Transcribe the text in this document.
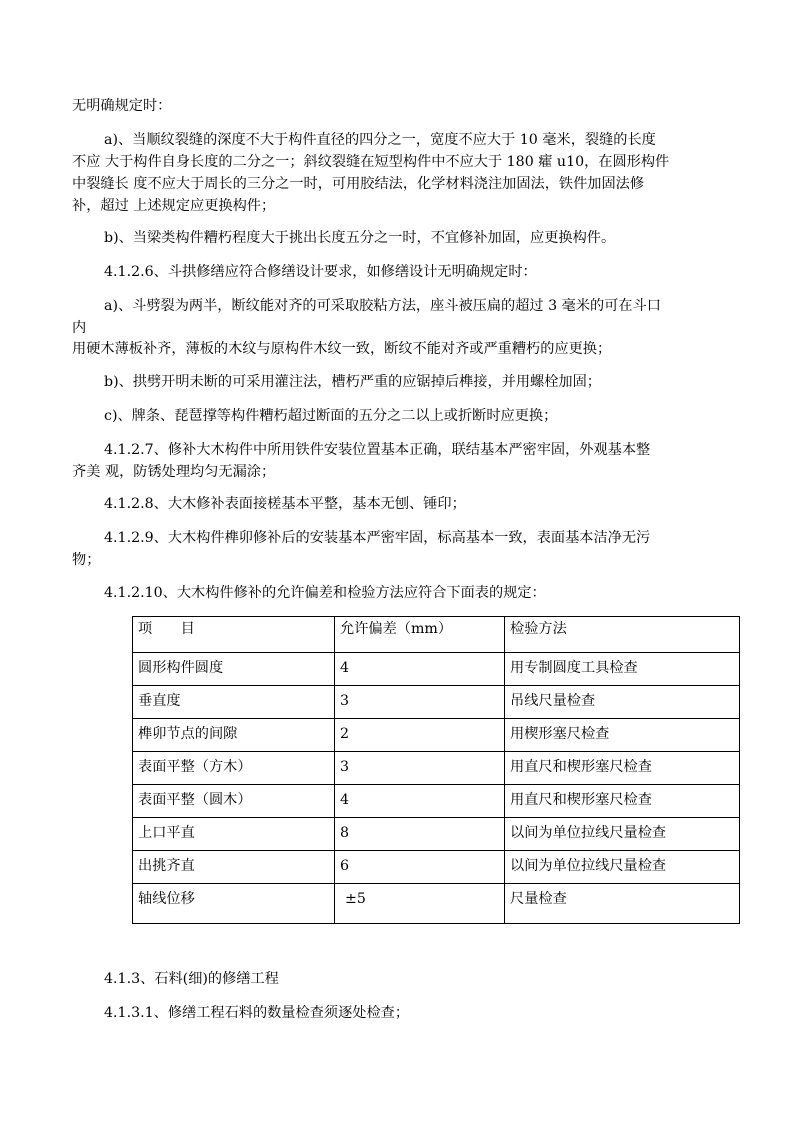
无明确规定时：
a)、当顺纹裂缝的深度不大于构件直径的四分之一，宽度不应大于 10 毫米，裂缝的长度
不应 大于构件自身长度的二分之一；斜纹裂缝在短型构件中不应大于 180 癨 u10，在圆形构件
中裂缝长 度不应大于周长的三分之一时，可用胶结法，化学材料浇注加固法，铁件加固法修
补，超过 上述规定应更换构件；
b)、当梁类构件糟朽程度大于挑出长度五分之一时，不宜修补加固，应更换构件。
4.1.2.6、斗拱修缮应符合修缮设计要求，如修缮设计无明确规定时：
a)、斗劈裂为两半，断纹能对齐的可采取胶粘方法，座斗被压扁的超过 3 毫米的可在斗口
内
用硬木薄板补齐，薄板的木纹与原构件木纹一致，断纹不能对齐或严重糟朽的应更换；
b)、拱劈开明未断的可采用灌注法，槽朽严重的应锯掉后榫接，并用螺栓加固；
c)、牌条、琵琶撑等构件糟朽超过断面的五分之二以上或折断时应更换；
4.1.2.7、修补大木构件中所用铁件安装位置基本正确，联结基本严密牢固，外观基本整
齐美 观，防锈处理均匀无漏涂；
4.1.2.8、大木修补表面接槎基本平整，基本无刨、锤印；
4.1.2.9、大木构件榫卯修补后的安装基本严密牢固，标高基本一致，表面基本洁净无污
物；
4.1.2.10、大木构件修补的允许偏差和检验方法应符合下面表的规定：
项　　目	允许偏差（mm）	检验方法
圆形构件圆度	4	用专制圆度工具检查
垂直度	3	吊线尺量检查
榫卯节点的间隙	2	用楔形塞尺检查
表面平整（方木）	3	用直尺和楔形塞尺检查
表面平整（圆木）	4	用直尺和楔形塞尺检查
上口平直	8	以间为单位拉线尺量检查
出挑齐直	6	以间为单位拉线尺量检查
轴线位移	±5	尺量检查
4.1.3、石料(细)的修缮工程
4.1.3.1、修缮工程石料的数量检查须逐处检查；
